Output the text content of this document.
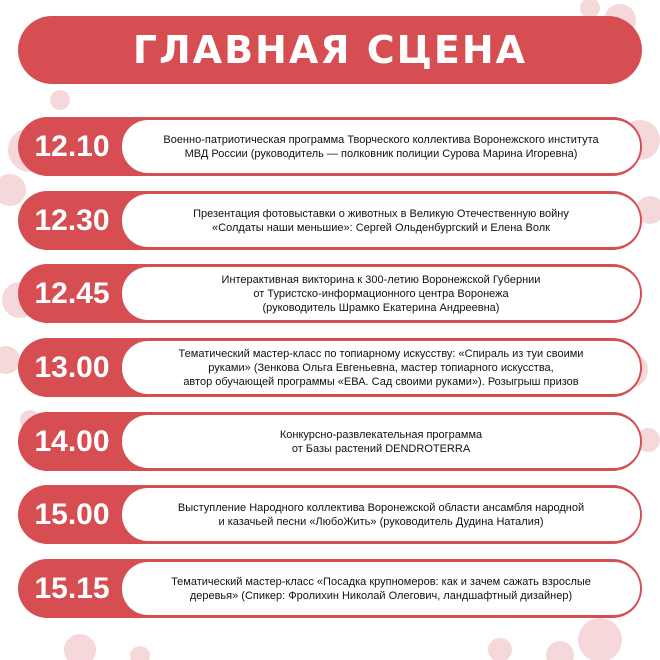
ГЛАВНАЯ СЦЕНА
12.10	Военно-патриотическая программа Творческого коллектива Воронежского института
МВД России (руководитель — полковник полиции Сурова Марина Игоревна)
12.30	Презентация фотовыставки о животных в Великую Отечественную войну
«Солдаты наши меньшие»: Сергей Ольденбургский и Елена Волк
12.45	Интерактивная викторина к 300-летию Воронежской Губернии
от Туристско-информационного центра Воронежа
(руководитель Шрамко Екатерина Андреевна)
13.00	Тематический мастер-класс по топиарному искусству: «Спираль из туи своими
руками» (Зенкова Ольга Евгеньевна, мастер топиарного искусства,
автор обучающей программы «ЕВА. Сад своими руками»). Розыгрыш призов
14.00	Конкурсно-развлекательная программа
от Базы растений DENDROTERRA
15.00	Выступление Народного коллектива Воронежской области ансамбля народной
и казачьей песни «ЛюбоЖить» (руководитель Дудина Наталия)
15.15	Тематический мастер-класс «Посадка крупномеров: как и зачем сажать взрослые
деревья» (Спикер: Фролихин Николай Олегович, ландшафтный дизайнер)
